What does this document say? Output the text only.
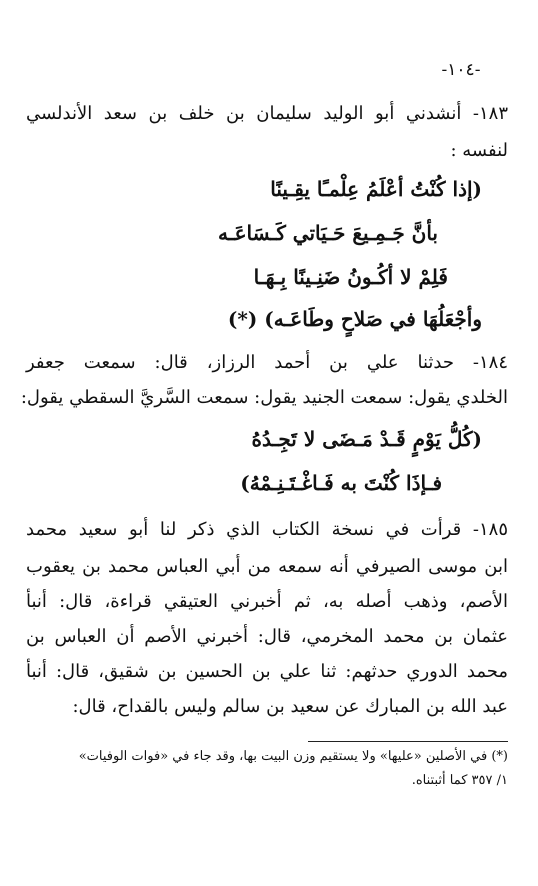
-١٠٤-
١٨٣- أنشدني أبو الوليد سليمان بن خلف بن سعد الأندلسي
لنفسه :
(إذا كُنْتُ أعْلَمُ عِلْمـًا يقِـينًا
بأنَّ جَـمِـيعَ حَـيَاتي كَـسَاعَـه
فَلِمْ لا أكُـونُ ضَنِـينًا بِـهَـا
وأجْعَلُهَا في صَلاحٍ وطَاعَـه) (*)
١٨٤- حدثنا علي بن أحمد الرزاز، قال: سمعت جعفر
الخلدي يقول: سمعت الجنيد يقول: سمعت السَّريَّ السقطي يقول:
(كُلُّ يَوْمٍ قَـدْ مَـضَى لا تَجِـدُهُ
فـإذَا كُنْتَ به فَـاغْـتَـنِـمْهُ)
١٨٥- قرأت في نسخة الكتاب الذي ذكر لنا أبو سعيد محمد
ابن موسى الصيرفي أنه سمعه من أبي العباس محمد بن يعقوب
الأصم، وذهب أصله به، ثم أخبرني العتيقي قراءة، قال: أنبأ
عثمان بن محمد المخرمي، قال: أخبرني الأصم أن العباس بن
محمد الدوري حدثهم: ثنا علي بن الحسين بن شقيق، قال: أنبأ
عبد الله بن المبارك عن سعيد بن سالم وليس بالقداح، قال:
(*) في الأصلين «عليها» ولا يستقيم وزن البيت بها، وقد جاء في «فوات الوفيات»
١/ ٣٥٧ كما أثبتناه.
